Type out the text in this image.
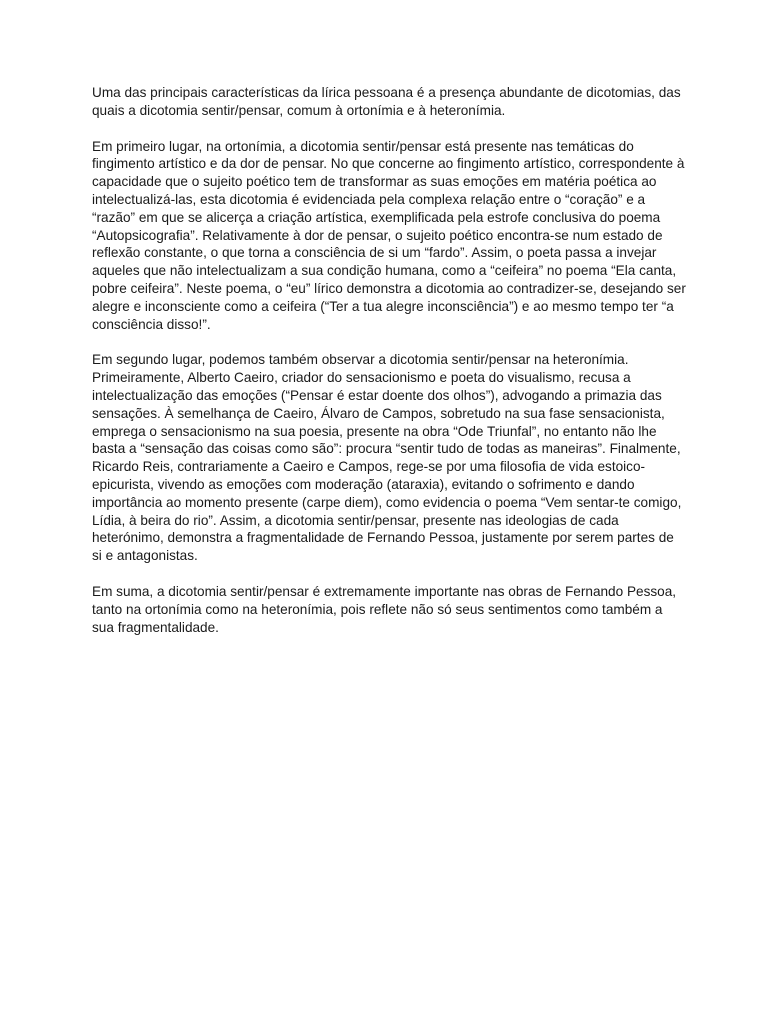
Uma das principais características da lírica pessoana é a presença abundante de dicotomias, das quais a dicotomia sentir/pensar, comum à ortonímia e à heteronímia.

Em primeiro lugar, na ortonímia, a dicotomia sentir/pensar está presente nas temáticas do fingimento artístico e da dor de pensar. No que concerne ao fingimento artístico, correspondente à capacidade que o sujeito poético tem de transformar as suas emoções em matéria poética ao intelectualizá-las, esta dicotomia é evidenciada pela complexa relação entre o “coração” e a “razão” em que se alicerça a criação artística, exemplificada pela estrofe conclusiva do poema “Autopsicografia”. Relativamente à dor de pensar, o sujeito poético encontra-se num estado de reflexão constante, o que torna a consciência de si um “fardo”. Assim, o poeta passa a invejar aqueles que não intelectualizam a sua condição humana, como a “ceifeira” no poema “Ela canta, pobre ceifeira”. Neste poema, o “eu” lírico demonstra a dicotomia ao contradizer-se, desejando ser alegre e inconsciente como a ceifeira (“Ter a tua alegre inconsciência”) e ao mesmo tempo ter “a consciência disso!”.

Em segundo lugar, podemos também observar a dicotomia sentir/pensar na heteronímia. Primeiramente, Alberto Caeiro, criador do sensacionismo e poeta do visualismo, recusa a intelectualização das emoções (“Pensar é estar doente dos olhos”), advogando a primazia das sensações. À semelhança de Caeiro, Álvaro de Campos, sobretudo na sua fase sensacionista, emprega o sensacionismo na sua poesia, presente na obra “Ode Triunfal”, no entanto não lhe basta a “sensação das coisas como são”: procura “sentir tudo de todas as maneiras”. Finalmente, Ricardo Reis, contrariamente a Caeiro e Campos, rege-se por uma filosofia de vida estoico-epicurista, vivendo as emoções com moderação (ataraxia), evitando o sofrimento e dando importância ao momento presente (carpe diem), como evidencia o poema “Vem sentar-te comigo, Lídia, à beira do rio”. Assim, a dicotomia sentir/pensar, presente nas ideologias de cada heterónimo, demonstra a fragmentalidade de Fernando Pessoa, justamente por serem partes de si e antagonistas.

Em suma, a dicotomia sentir/pensar é extremamente importante nas obras de Fernando Pessoa, tanto na ortonímia como na heteronímia, pois reflete não só seus sentimentos como também a sua fragmentalidade.
